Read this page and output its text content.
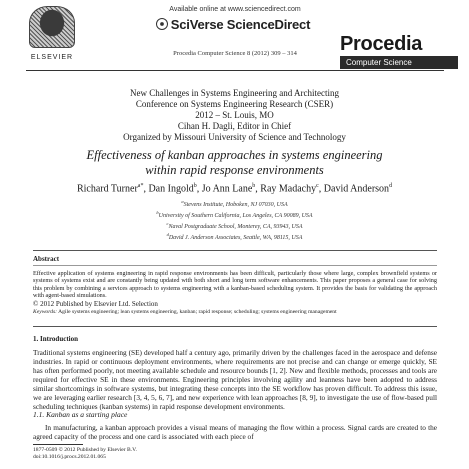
ELSEVIER
Available online at www.sciencedirect.com
SciVerse ScienceDirect
Procedia Computer Science 8 (2012) 309 – 314	Procedia
Computer Science
New Challenges in Systems Engineering and Architecting
Conference on Systems Engineering Research (CSER)
2012 – St. Louis, MO
Cihan H. Dagli, Editor in Chief
Organized by Missouri University of Science and Technology
Effectiveness of kanban approaches in systems engineering
within rapid response environments
Richard Turner$^{a*}$, Dan Ingold$^b$, Jo Ann Lane$^b$, Ray Madachy$^c$, David Anderson$^d$
$^a$Stevens Institute, Hoboken, NJ 07030, USA
$^b$University of Southern California, Los Angeles, CA 90089, USA
$^c$Naval Postgraduate School, Monterey, CA, 93943, USA
$^d$David J. Anderson Associates, Seattle, WA, 98115, USA
Abstract
Effective application of systems engineering in rapid response environments has been difficult, particularly those where large, complex brownfield systems or systems of systems exist and are constantly being updated with both short and long term software enhancements. This paper proposes a general case for solving this problem by combining a services approach to systems engineering with a kanban-based scheduling system. It provides the basis for validating the approach with agent-based simulations.
© 2012 Published by Elsevier Ltd. Selection
Keywords: Agile systems engineering; lean systems engineering, kanban; rapid response; scheduling; systems engineering management
1. Introduction
Traditional systems engineering (SE) developed half a century ago, primarily driven by the challenges faced in the aerospace and defense industries. In rapid or continuous deployment environments, where requirements are not precise and can change or emerge quickly, SE has often performed poorly, not meeting available schedule and resource bounds [1, 2]. New and flexible methods, processes and tools are required for effective SE in these environments. Engineering principles involving agility and leanness have been adopted to address similar shortcomings in software systems, but integrating these concepts into the SE workflow has proven difficult. To address this issue, we are leveraging earlier research [3, 4, 5, 6, 7], and new experience with lean approaches [8, 9], to investigate the use of flow-based pull scheduling techniques (kanban systems) in rapid response development environments.
1.1. Kanban as a starting place
In manufacturing, a kanban approach provides a visual means of managing the flow within a process. Signal cards are created to the agreed capacity of the process and one card is associated with each piece of
1877-0509 © 2012 Published by Elsevier B.V.
doi:10.1016/j.procs.2012.01.065
